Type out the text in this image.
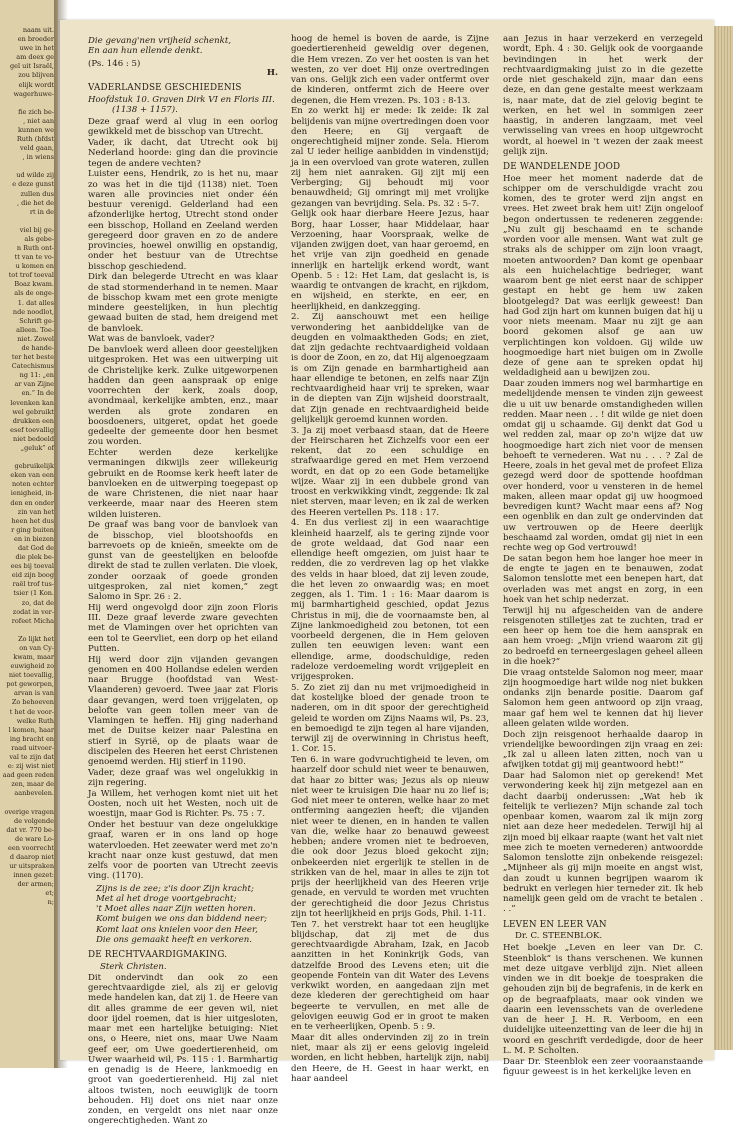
naam uit.
en broeder
uwe in het
am deex ge
gel uit Israël,
zou blijven
elijk wordt
wagerhuwe-
fie zich be-
, niet aan
kunnen we
Ruth (bfdst
veld gaan,
, in wiens
ud wilde zij
e deze gunst
zullen dus
, die het de
rt in de
viel bij ge-
als gebe-
n Ruth ont-
tt van te vo-
u komen en
tot trof toeval
Boaz kwam.
als de onge-
1. dat alles
nde noodlot,
Schrift ge-
alleen. Toe-
niet. Zowel
de hande-
ter het beste
Catechismus
ng 11: „en
ar van Zijne
en.” In de
levenken kan
wel gebruikt
drukken een
esef toevallig
niet bedoeld
„geluk” of
gebruikelijk
eken van een
noten echter
ienigheid, in-
den en onder
zin van het
heen het dus
r ging buiten
en in biezen
dat God de
die plek be-
ees bij toeval
eid zijn boog
raël trof tus-
tsier (1 Kon.
zo, dat de
zodat in ver-
rofeet Micha
Zo lijkt het
on van Cy-
kwam, maar
euwigheid zo
niet toevallig,
pot geworpen,
arvan is van
Zo behoeven
t het de voor-
welke Ruth
l komen, haar
ing bracht en
raad uitvoer-
val te zijn dat
e: zij wist niet
aad geen reden
zen, maar de
aanbevelen.
overige vragen
de volgende
dat vr. 770 be-
de ware Lo-
een voorrecht
d daarop niet
ur uitspraken
innen gezet:
der armen;
et;
n;
Die gevang'nen vrijheid schenkt,
En aan hun ellende denkt.
(Ps. 146 : 5)
H.
VADERLANDSE GESCHIEDENIS
Hoofdstuk 10. Graven Dirk VI en Floris III.
(1138 + 1157).

Deze graaf werd al vlug in een oorlog gewikkeld met de bisschop van Utrecht.

Vader, ik dacht, dat Utrecht ook bij Nederland hoorde: ging dan die provincie tegen de andere vechten?

Luister eens, Hendrik, zo is het nu, maar zo was het in die tijd (1138) niet. Toen waren alle provincies niet onder één bestuur verenigd. Gelderland had een afzonderlijke hertog, Utrecht stond onder een bisschop, Holland en Zeeland werden geregeerd door graven en zo de andere provincies, hoewel onwillig en opstandig, onder het bestuur van de Utrechtse bisschop geschiedend.

Dirk dan belegerde Utrecht en was klaar de stad stormenderhand in te nemen. Maar de bisschop kwam met een grote menigte mindere geestelijken, in hun plechtig gewaad buiten de stad, hem dreigend met de banvloek.

Wat was de banvloek, vader?

De banvloek werd alleen door geestelijken uitgesproken. Het was een uitwerping uit de Christelijke kerk. Zulke uitgeworpenen hadden dan geen aanspraak op enige voorrechten der kerk, zoals doop, avondmaal, kerkelijke ambten, enz., maar werden als grote zondaren en boosdoeners, uitgeret, opdat het goede gedeelte der gemeente door hen besmet zou worden.

Echter werden deze kerkelijke vermaningen dikwijls zeer willekeurig gebruikt en de Roomse kerk heeft later de banvloeken en de uitwerping toegepast op de ware Christenen, die niet naar haar verkeerde, maar naar des Heeren stem wilden luisteren.

De graaf was bang voor de banvloek van de bisschop, viel blootshoofds en barrevoets op de knieën, smeekte om de gunst van de geestelijken en beloofde direkt de stad te zullen verlaten. Die vloek, zonder oorzaak of goede gronden uitgesproken, zal niet komen,” zegt Salomo in Spr. 26 : 2.

Hij werd ongevolgd door zijn zoon Floris III. Deze graaf leverde zware gevechten met de Vlamingen over het oprichten van een tol te Geervliet, een dorp op het eiland Putten.

Hij werd door zijn vijanden gevangen genomen en 400 Hollandse edelen werden naar Brugge (hoofdstad van West-Vlaanderen) gevoerd. Twee jaar zat Floris daar gevangen, werd toen vrijgelaten, op belofte van geen tollen meer van de Vlamingen te heffen. Hij ging naderhand met de Duitse keizer naar Palestina en stierf in Syrië, op de plaats waar de discipelen des Heeren het eerst Christenen genoemd werden. Hij stierf in 1190.

Vader, deze graaf was wel ongelukkig in zijn regering.

Ja Willem, het verhogen komt niet uit het Oosten, noch uit het Westen, noch uit de woestijn, maar God is Richter. Ps. 75 : 7.

Onder het bestuur van deze ongelukkige graaf, waren er in ons land op hoge watervloeden. Het zeewater werd met zo'n kracht naar onze kust gestuwd, dat men zelfs voor de poorten van Utrecht zeevis ving. (1170).

Zijns is de zee; z'is door Zijn kracht;
Met al het droge voortgebracht;
't Moet alles naar Zijn wetten horen.
Komt buigen we ons dan biddend neer;
Komt laat ons knielen voor den Heer,
Die ons gemaakt heeft en verkoren.
DE RECHTVAARDIGMAKING.
Sterk Christen.

Dit ondervindt dan ook zo een gerechtvaardigde ziel, als zij er gelovig mede handelen kan, dat zij 1. de Heere van dit alles gramme de eer geven wil, niet door ijdel roemen, dat is hier uitgesloten, maar met een hartelijke betuiging: Niet ons, o Heere, niet ons, maar Uwe Naam geef eer, om Uwe goedertierenheid, om Uwer waarheid wil, Ps. 115 : 1. Barmhartig en genadig is de Heere, lankmoedig en groot van goedertierenheid. Hij zal niet altoos twisten, noch eeuwiglijk de toorn behouden. Hij doet ons niet naar onze zonden, en vergeldt ons niet naar onze ongerechtigheden. Want zo

hoog de hemel is boven de aarde, is Zijne goedertierenheid geweldig over degenen, die Hem vrezen. Zo ver het oosten is van het westen, zo ver doet Hij onze overtredingen van ons. Gelijk zich een vader ontfermt over de kinderen, ontfermt zich de Heere over degenen, die Hem vrezen. Ps. 103 : 8-13.

En zo werkt hij er mede: Ik zeide: Ik zal belijdenis van mijne overtredingen doen voor den Heere; en Gij vergaaft de ongerechtigheid mijner zonde. Sela. Hierom zal U ieder heilige aanbidden in vindenstijd; ja in een overvloed van grote wateren, zullen zij hem niet aanraken. Gij zijt mij een Verberging; Gij behoudt mij voor benauwdheid; Gij omringt mij met vrolijke gezangen van bevrijding. Sela. Ps. 32 : 5-7.

Gelijk ook haar dierbare Heere Jezus, haar Borg, haar Losser, haar Middelaar, haar Verzoening, haar Voorspraak, welke de vijanden zwijgen doet, van haar geroemd, en het vrije van zijn goedheid en genade innerlijk en hartelijk erkend wordt, want Openb. 5 : 12: Het Lam, dat geslacht is, is waardig te ontvangen de kracht, en rijkdom, en wijsheid, en sterkte, en eer, en heerlijkheid, en dankzegging.

2. Zij aanschouwt met een heilige verwondering het aanbiddelijke van de deugden en volmaaktheden Gods; en ziet, dat zijn gedachte rechtvaardigheid voldaan is door de Zoon, en zo, dat Hij algenoegzaam is om Zijn genade en barmhartigheid aan haar ellendige te betonen, en zelfs naar Zijn rechtvaardigheid haar vrij te spreken, waar in de diepten van Zijn wijsheid doorstraalt, dat Zijn genade en rechtvaardigheid beide gelijkelijk geroemd kunnen worden.

3. Ja zij moet verbaasd staan, dat de Heere der Heirscharen het Zichzelfs voor een eer rekent, dat zo een schuldige en strafwaardige gered en met Hem verzoend wordt, en dat op zo een Gode betamelijke wijze. Waar zij in een dubbele grond van troost en verkwikking vindt, zeggende: Ik zal niet sterven, maar leven; en ik zal de werken des Heeren vertellen Ps. 118 : 17.

4. En dus verliest zij in een waarachtige kleinheid haarzelf, als te gering zijnde voor de grote weldaad, dat God naar een ellendige heeft omgezien, om juist haar te redden, die zo verdreven lag op het vlakke des velds in haar bloed, dat zij leven zoude, die het leven zo onwaardig was; en moet zeggen, als 1. Tim. 1 : 16: Maar daarom is mij barmhartigheid geschied, opdat Jezus Christus in mij, die de voornaamste ben, al Zijne lankmoedigheid zou betonen, tot een voorbeeld dergenen, die in Hem geloven zullen ten eeuwigen leven: want een ellendige, arme, doodschuldige, reden radeloze verdoemeling wordt vrijgepleit en vrijgesproken.

5. Zo ziet zij dan nu met vrijmoedigheid in dat kostelijke bloed der genade troon te naderen, om in dit spoor der gerechtigheid geleid te worden om Zijns Naams wil, Ps. 23, en bemoedigd te zijn tegen al hare vijanden, terwijl zij de overwinning in Christus heeft, 1. Cor. 15.

Ten 6. in ware godvruchtigheid te leven, om haarzelf door schuld niet weer te benauwen, dat haar zo bitter was; Jezus als op nieuw niet weer te kruisigen Die haar nu zo lief is; God niet meer te onteren, welke haar zo met ontferming aangezien heeft; die vijanden niet weer te dienen, en in handen te vallen van die, welke haar zo benauwd geweest hebben; andere vromen niet te bedroeven, die ook door Jezus bloed gekocht zijn; onbekeerden niet ergerlijk te stellen in de strikken van de hel, maar in alles te zijn tot prijs der heerlijkheid van des Heeren vrije genade, en vervuld te worden met vruchten der gerechtigheid die door Jezus Christus zijn tot heerlijkheid en prijs Gods, Phil. 1-11.

Ten 7. het verstrekt haar tot een heuglijke blijdschap, dat zij met de dus gerechtvaardigde Abraham, Izak, en Jacob aanzitten in het Koninkrijk Gods, van datzelfde Brood des Levens eten; uit die geopende Fontein van dit Water des Levens verkwikt worden, en aangedaan zijn met deze klederen der gerechtigheid om haar begeerte te vervullen, en met alle de gelovigen eeuwig God er in groot te maken en te verheerlijken, Openb. 5 : 9.

Maar dit alles ondervinden zij zo in trein niet, maar als zij er eens gelovig ingeleid worden, en licht hebben, hartelijk zijn, nabij den Heere, de H. Geest in haar werkt, en haar aandeel

aan Jezus in haar verzekerd en verzegeld wordt, Eph. 4 : 30. Gelijk ook de voorgaande bevindingen in het werk der rechtvaardigmaking juist zo in die gezette orde niet geschakeld zijn, maar dan eens deze, en dan gene gestalte meest werkzaam is, naar mate, dat de ziel gelovig begint te werken, en het wel in sommigen zeer haastig, in anderen langzaam, met veel verwisseling van vrees en hoop uitgewrocht wordt, al hoewel in 't wezen der zaak meest gelijk zijn.

DE WANDELENDE JOOD

Hoe meer het moment naderde dat de schipper om de verschuldigde vracht zou komen, des te groter werd zijn angst en vrees. Het zweet brak hem uit! Zijn ongeloof begon ondertussen te redeneren zeggende: „Nu zult gij beschaamd en te schande worden voor alle mensen. Want wat zult ge straks als de schipper om zijn loon vraagt, moeten antwoorden? Dan komt ge openbaar als een huichelachtige bedrieger, want waarom bent ge niet eerst naar de schipper gestapt en hebt ge hem uw zaken blootgelegd? Dat was eerlijk geweest! Dan had God zijn hart om kunnen buigen dat hij u voor niets meenam. Maar nu zijt ge aan boord gekomen alsof ge aan uw verplichtingen kon voldoen. Gij wilde uw hoogmoedige hart niet buigen om in Zwolle deze of gene aan te spreken opdat hij weldadigheid aan u bewijzen zou.

Daar zouden immers nog wel barmhartige en medelijdende mensen te vinden zijn geweest die u uit uw benarde omstandigheden willen redden. Maar neen . . ! dit wilde ge niet doen omdat gij u schaamde. Gij denkt dat God u wel redden zal, maar op zo'n wijze dat uw hoogmoedige hart zich niet voor de mensen behoeft te vernederen. Wat nu . . . ? Zal de Heere, zoals in het geval met de profeet Eliza gezegd werd door de spottende hoofdman over honderd, voor u vensteren in de hemel maken, alleen maar opdat gij uw hoogmoed bevredigen kunt? Wacht maar eens af? Nog een ogenblik en dan zult ge ondervinden dat uw vertrouwen op de Heere deerlijk beschaamd zal worden, omdat gij niet in een rechte weg op God vertrouwd!

De satan begon hem hoe langer hoe meer in de engte te jagen en te benauwen, zodat Salomon tenslotte met een benepen hart, dat overladen was met angst en zorg, in een hoek van het schip nederzat.

Terwijl hij nu afgescheiden van de andere reisgenoten stilletjes zat te zuchten, trad er een heer op hem toe die hem aansprak en aan hem vroeg: „Mijn vriend waarom zit gij zo bedroefd en terneergeslagen geheel alleen in die hoek?”

Die vraag ontstelde Salomon nog meer, maar zijn hoogmoedige hart wilde nog niet bukken ondanks zijn benarde positie. Daarom gaf Salomon hem geen antwoord op zijn vraag, maar gaf hem wel te kennen dat hij liever alleen gelaten wilde worden.

Doch zijn reisgenoot herhaalde daarop in vriendelijke bewoordingen zijn vraag en zei: „Ik zal u alleen laten zitten, noch van u afwijken totdat gij mij geantwoord hebt!”

Daar had Salomon niet op gerekend! Met verwondering keek hij zijn metgezel aan en dacht daarbij onderussen: „Wat heb ik feitelijk te verliezen? Mijn schande zal toch openbaar komen, waarom zal ik mijn zorg niet aan deze heer mededelen. Terwijl hij al zijn moed bij elkaar raapte (want het valt niet mee zich te moeten vernederen) antwoordde Salomon tenslotte zijn onbekende reisgezel: „Mijnheer als gij mijn moeite en angst wist, dan zoudt u kunnen begrijpen waarom ik bedrukt en verlegen hier terneder zit. Ik heb namelijk geen geld om de vracht te betalen . . .”

LEVEN EN LEER VAN
Dr. C. STEENBLOK.

Het boekje „Leven en leer van Dr. C. Steenblok” is thans verschenen. We kunnen met deze uitgave verblijd zijn. Niet alleen vinden we in dit boekje de toespraken die gehouden zijn bij de begrafenis, in de kerk en op de begraafplaats, maar ook vinden we daarin een levensschets van de overledene van de heer J. H. R. Verboom, en een duidelijke uiteenzetting van de leer die hij in woord en geschrift verdedigde, door de heer L. M. P. Scholten.

Daar Dr. Steenblok een zeer vooraanstaande figuur geweest is in het kerkelijke leven en
